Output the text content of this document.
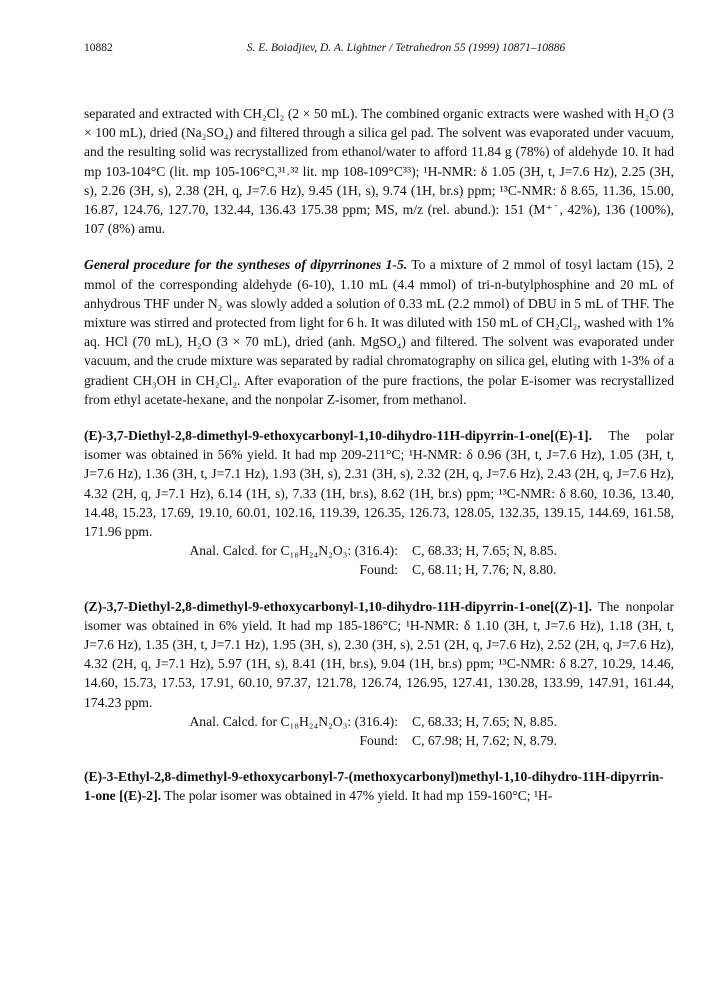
10882	S. E. Boiadjiev, D. A. Lightner / Tetrahedron 55 (1999) 10871–10886

separated and extracted with CH₂Cl₂ (2 × 50 mL). The combined organic extracts were washed with H₂O (3 × 100 mL), dried (Na₂SO₄) and filtered through a silica gel pad. The solvent was evaporated under vacuum, and the resulting solid was recrystallized from ethanol/water to afford 11.84 g (78%) of aldehyde 10. It had mp 103-104°C (lit. mp 105-106°C,³¹˒³² lit. mp 108-109°C³³); ¹H-NMR: δ 1.05 (3H, t, J=7.6 Hz), 2.25 (3H, s), 2.26 (3H, s), 2.38 (2H, q, J=7.6 Hz), 9.45 (1H, s), 9.74 (1H, br.s) ppm; ¹³C-NMR: δ 8.65, 11.36, 15.00, 16.87, 124.76, 127.70, 132.44, 136.43 175.38 ppm; MS, m/z (rel. abund.): 151 (M⁺˙, 42%), 136 (100%), 107 (8%) amu.

General procedure for the syntheses of dipyrrinones 1-5. To a mixture of 2 mmol of tosyl lactam (15), 2 mmol of the corresponding aldehyde (6-10), 1.10 mL (4.4 mmol) of tri-n-butylphosphine and 20 mL of anhydrous THF under N₂ was slowly added a solution of 0.33 mL (2.2 mmol) of DBU in 5 mL of THF. The mixture was stirred and protected from light for 6 h. It was diluted with 150 mL of CH₂Cl₂, washed with 1% aq. HCl (70 mL), H₂O (3 × 70 mL), dried (anh. MgSO₄) and filtered. The solvent was evaporated under vacuum, and the crude mixture was separated by radial chromatography on silica gel, eluting with 1-3% of a gradient CH₃OH in CH₂Cl₂. After evaporation of the pure fractions, the polar E-isomer was recrystallized from ethyl acetate-hexane, and the nonpolar Z-isomer, from methanol.

(E)-3,7-Diethyl-2,8-dimethyl-9-ethoxycarbonyl-1,10-dihydro-11H-dipyrrin-1-one[(E)-1]. The polar isomer was obtained in 56% yield. It had mp 209-211°C; ¹H-NMR: δ 0.96 (3H, t, J=7.6 Hz), 1.05 (3H, t, J=7.6 Hz), 1.36 (3H, t, J=7.1 Hz), 1.93 (3H, s), 2.31 (3H, s), 2.32 (2H, q, J=7.6 Hz), 2.43 (2H, q, J=7.6 Hz), 4.32 (2H, q, J=7.1 Hz), 6.14 (1H, s), 7.33 (1H, br.s), 8.62 (1H, br.s) ppm; ¹³C-NMR: δ 8.60, 10.36, 13.40, 14.48, 15.23, 17.69, 19.10, 60.01, 102.16, 119.39, 126.35, 126.73, 128.05, 132.35, 139.15, 144.69, 161.58, 171.96 ppm.

Anal. Calcd. for C₁₈H₂₄N₂O₃: (316.4):	C, 68.33; H, 7.65; N, 8.85.
Found:	C, 68.11; H, 7.76; N, 8.80.

(Z)-3,7-Diethyl-2,8-dimethyl-9-ethoxycarbonyl-1,10-dihydro-11H-dipyrrin-1-one[(Z)-1]. The nonpolar isomer was obtained in 6% yield. It had mp 185-186°C; ¹H-NMR: δ 1.10 (3H, t, J=7.6 Hz), 1.18 (3H, t, J=7.6 Hz), 1.35 (3H, t, J=7.1 Hz), 1.95 (3H, s), 2.30 (3H, s), 2.51 (2H, q, J=7.6 Hz), 2.52 (2H, q, J=7.6 Hz), 4.32 (2H, q, J=7.1 Hz), 5.97 (1H, s), 8.41 (1H, br.s), 9.04 (1H, br.s) ppm; ¹³C-NMR: δ 8.27, 10.29, 14.46, 14.60, 15.73, 17.53, 17.91, 60.10, 97.37, 121.78, 126.74, 126.95, 127.41, 130.28, 133.99, 147.91, 161.44, 174.23 ppm.

Anal. Calcd. for C₁₈H₂₄N₂O₃: (316.4):	C, 68.33; H, 7.65; N, 8.85.
Found:	C, 67.98; H, 7.62; N, 8.79.

(E)-3-Ethyl-2,8-dimethyl-9-ethoxycarbonyl-7-(methoxycarbonyl)methyl-1,10-dihydro-11H-dipyrrin-1-one [(E)-2]. The polar isomer was obtained in 47% yield. It had mp 159-160°C; ¹H-
